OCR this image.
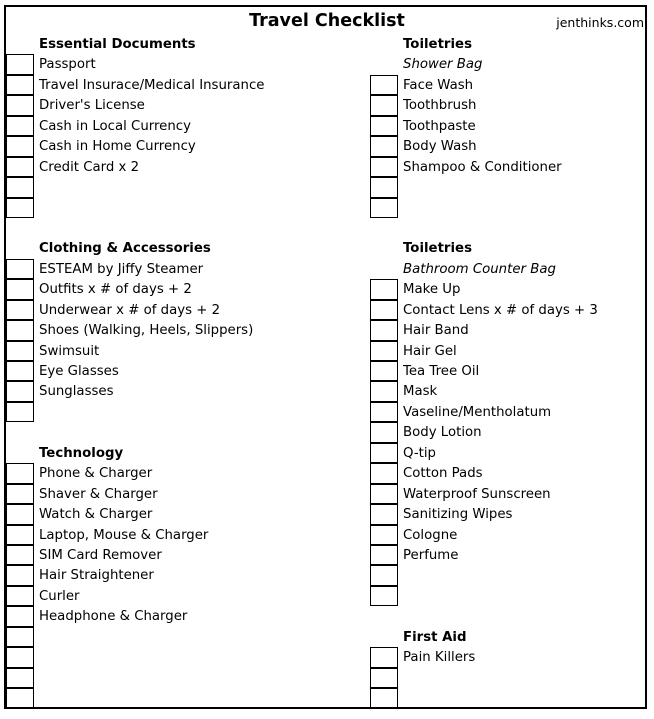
Travel Checklist	jenthinks.com
Essential Documents
Passport
Travel Insurace/Medical Insurance
Driver's License
Cash in Local Currency
Cash in Home Currency
Credit Card x 2
Clothing & Accessories
ESTEAM by Jiffy Steamer
Outfits x # of days + 2
Underwear x # of days + 2
Shoes (Walking, Heels, Slippers)
Swimsuit
Eye Glasses
Sunglasses
Technology
Phone & Charger
Shaver & Charger
Watch & Charger
Laptop, Mouse & Charger
SIM Card Remover
Hair Straightener
Curler
Headphone & Charger
Toiletries
Shower Bag
Face Wash
Toothbrush
Toothpaste
Body Wash
Shampoo & Conditioner
Toiletries
Bathroom Counter Bag
Make Up
Contact Lens x # of days + 3
Hair Band
Hair Gel
Tea Tree Oil
Mask
Vaseline/Mentholatum
Body Lotion
Q-tip
Cotton Pads
Waterproof Sunscreen
Sanitizing Wipes
Cologne
Perfume
First Aid
Pain Killers
